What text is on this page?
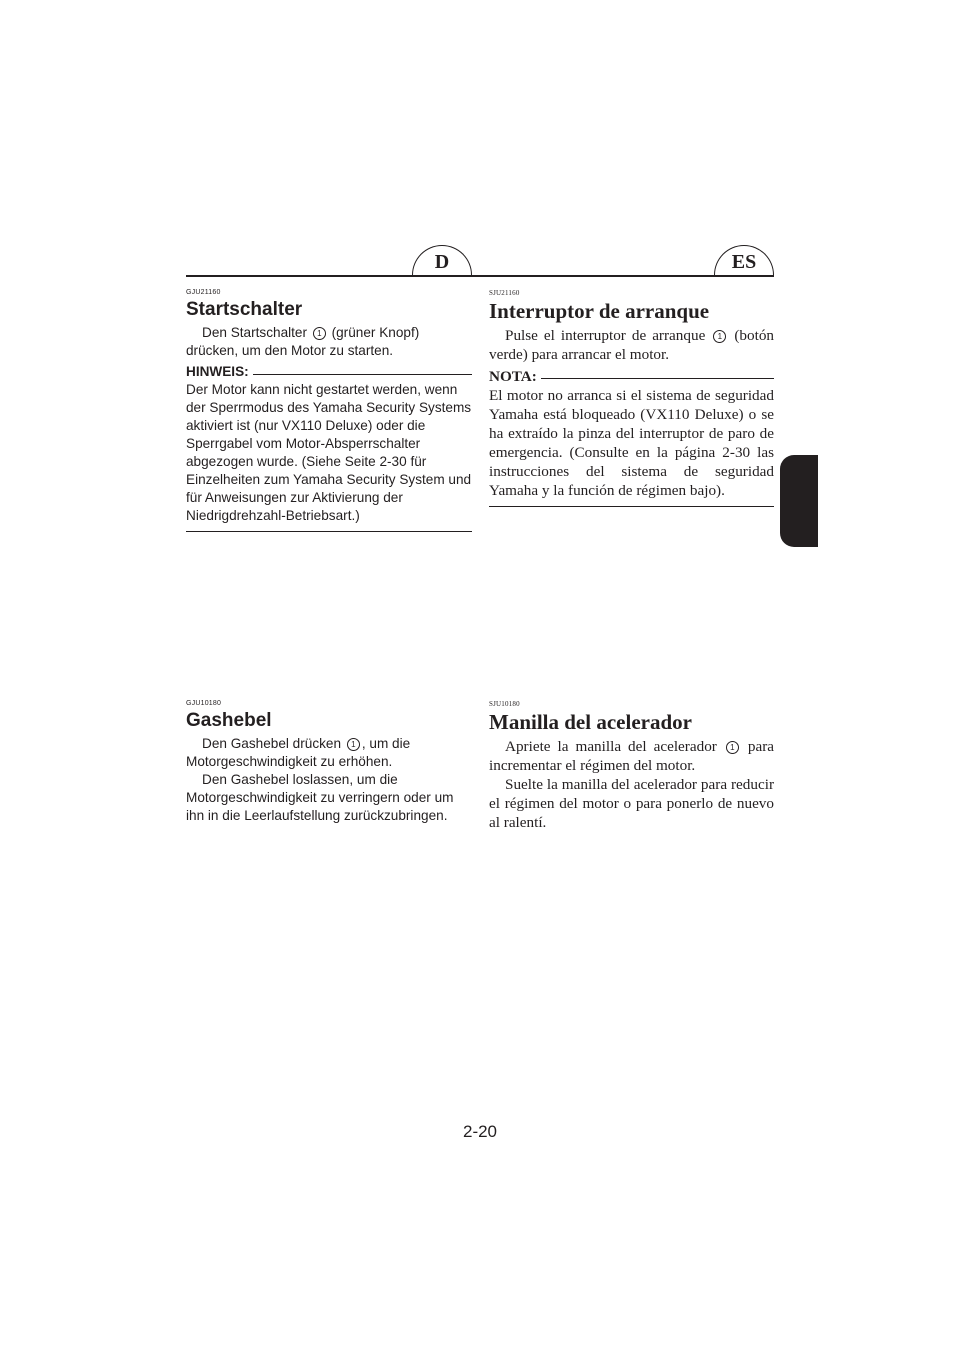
D	ES

GJU21160

Startschalter

Den Startschalter 1 (grüner Knopf) drücken, um den Motor zu starten.

HINWEIS:

Der Motor kann nicht gestartet werden, wenn der Sperrmodus des Yamaha Security Systems aktiviert ist (nur VX110 Deluxe) oder die Sperrgabel vom Motor-Absperrschalter abgezogen wurde. (Siehe Seite 2-30 für Einzelheiten zum Yamaha Security System und für Anweisungen zur Aktivierung der Niedrigdrehzahl-Betriebsart.)

SJU21160

Interruptor de arranque

Pulse el interruptor de arranque 1 (botón verde) para arrancar el motor.

NOTA:

El motor no arranca si el sistema de seguridad Yamaha está bloqueado (VX110 Deluxe) o se ha extraído la pinza del interruptor de paro de emergencia. (Consulte en la página 2-30 las instrucciones del sistema de seguridad Yamaha y la función de régimen bajo).

GJU10180

Gashebel

Den Gashebel drücken 1 , um die Motorgeschwindigkeit zu erhöhen.

Den Gashebel loslassen, um die Motorgeschwindigkeit zu verringern oder um ihn in die Leerlaufstellung zurückzubringen.

SJU10180

Manilla del acelerador

Apriete la manilla del acelerador 1 para incrementar el régimen del motor.

Suelte la manilla del acelerador para reducir el régimen del motor o para ponerlo de nuevo al ralentí.

2-20
